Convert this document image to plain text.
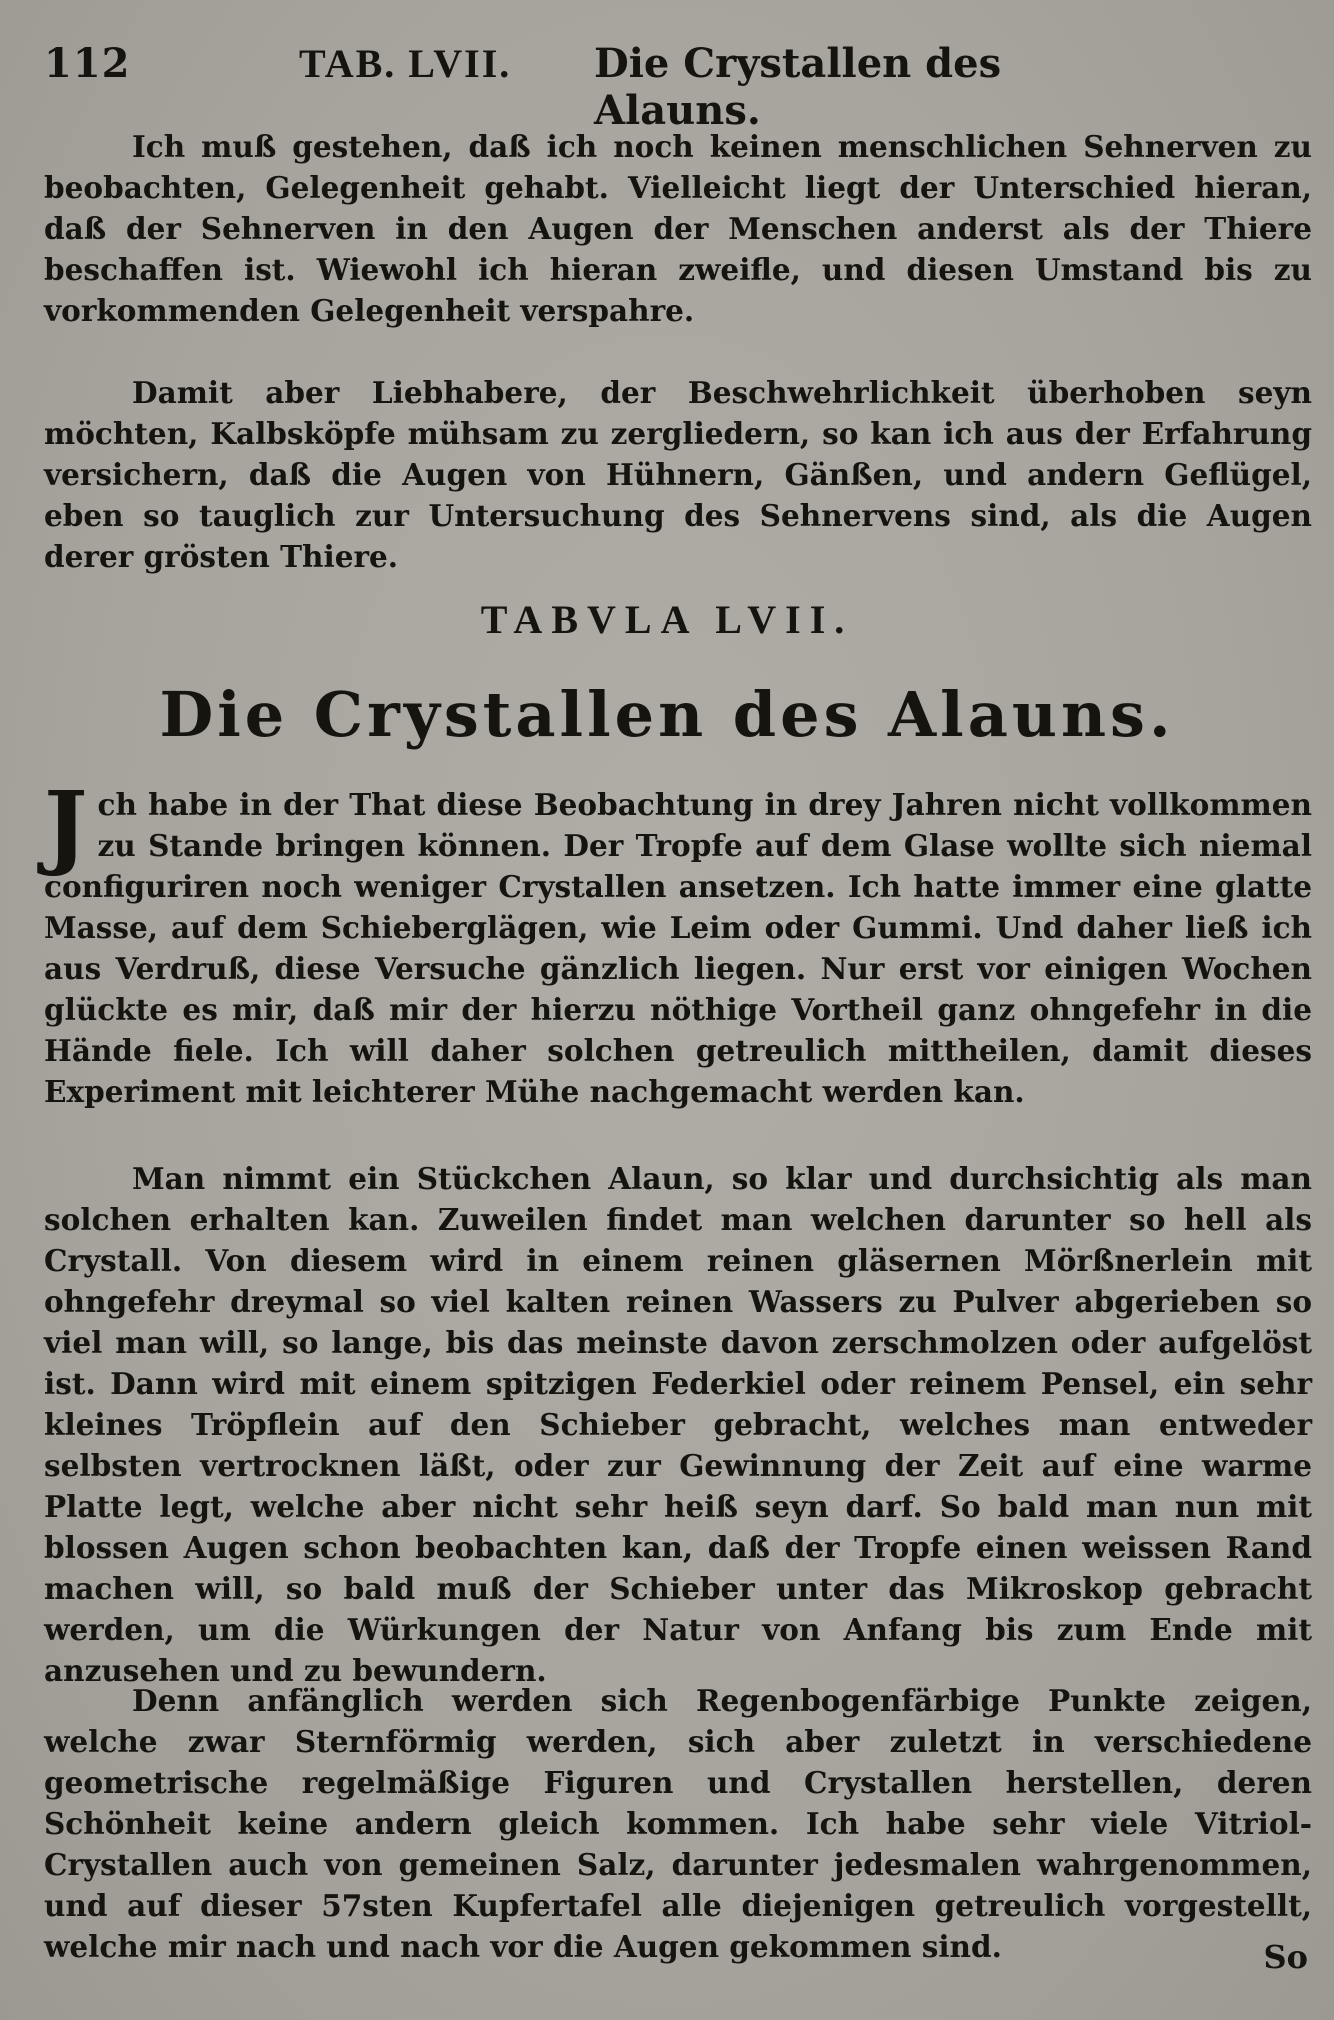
112	TAB. LVII. Die Crystallen des Alauns.

Ich muß gestehen, daß ich noch keinen menschlichen Sehnerven zu beobachten, Gelegenheit gehabt. Vielleicht liegt der Unterschied hieran, daß der Sehnerven in den Augen der Menschen anderst als der Thiere beschaffen ist. Wiewohl ich hieran zweifle, und diesen Umstand bis zu vorkommenden Gelegenheit verspahre.

Damit aber Liebhabere, der Beschwehrlichkeit überhoben seyn möchten, Kalbsköpfe mühsam zu zergliedern, so kan ich aus der Erfahrung versichern, daß die Augen von Hühnern, Gänßen, und andern Geflügel, eben so tauglich zur Untersuchung des Sehnervens sind, als die Augen derer grösten Thiere.

TABVLA LVII.
Die Crystallen des Alauns.

Jch habe in der That diese Beobachtung in drey Jahren nicht vollkommen zu Stande bringen können. Der Tropfe auf dem Glase wollte sich niemal configuriren noch weniger Crystallen ansetzen. Ich hatte immer eine glatte Masse, auf dem Schieberglägen, wie Leim oder Gummi. Und daher ließ ich aus Verdruß, diese Versuche gänzlich liegen. Nur erst vor einigen Wochen glückte es mir, daß mir der hierzu nöthige Vortheil ganz ohngefehr in die Hände fiele. Ich will daher solchen getreulich mittheilen, damit dieses Experiment mit leichterer Mühe nachgemacht werden kan.

Man nimmt ein Stückchen Alaun, so klar und durchsichtig als man solchen erhalten kan. Zuweilen findet man welchen darunter so hell als Crystall. Von diesem wird in einem reinen gläsernen Mörßnerlein mit ohngefehr dreymal so viel kalten reinen Wassers zu Pulver abgerieben so viel man will, so lange, bis das meinste davon zerschmolzen oder aufgelöst ist. Dann wird mit einem spitzigen Federkiel oder reinem Pensel, ein sehr kleines Tröpflein auf den Schieber gebracht, welches man entweder selbsten vertrocknen läßt, oder zur Gewinnung der Zeit auf eine warme Platte legt, welche aber nicht sehr heiß seyn darf. So bald man nun mit blossen Augen schon beobachten kan, daß der Tropfe einen weissen Rand machen will, so bald muß der Schieber unter das Mikroskop gebracht werden, um die Würkungen der Natur von Anfang bis zum Ende mit anzusehen und zu bewundern.

Denn anfänglich werden sich Regenbogenfärbige Punkte zeigen, welche zwar Sternförmig werden, sich aber zuletzt in verschiedene geometrische regelmäßige Figuren und Crystallen herstellen, deren Schönheit keine andern gleich kommen. Ich habe sehr viele Vitriol-Crystallen auch von gemeinen Salz, darunter jedesmalen wahrgenommen, und auf dieser 57sten Kupfertafel alle diejenigen getreulich vorgestellt, welche mir nach und nach vor die Augen gekommen sind.	So
